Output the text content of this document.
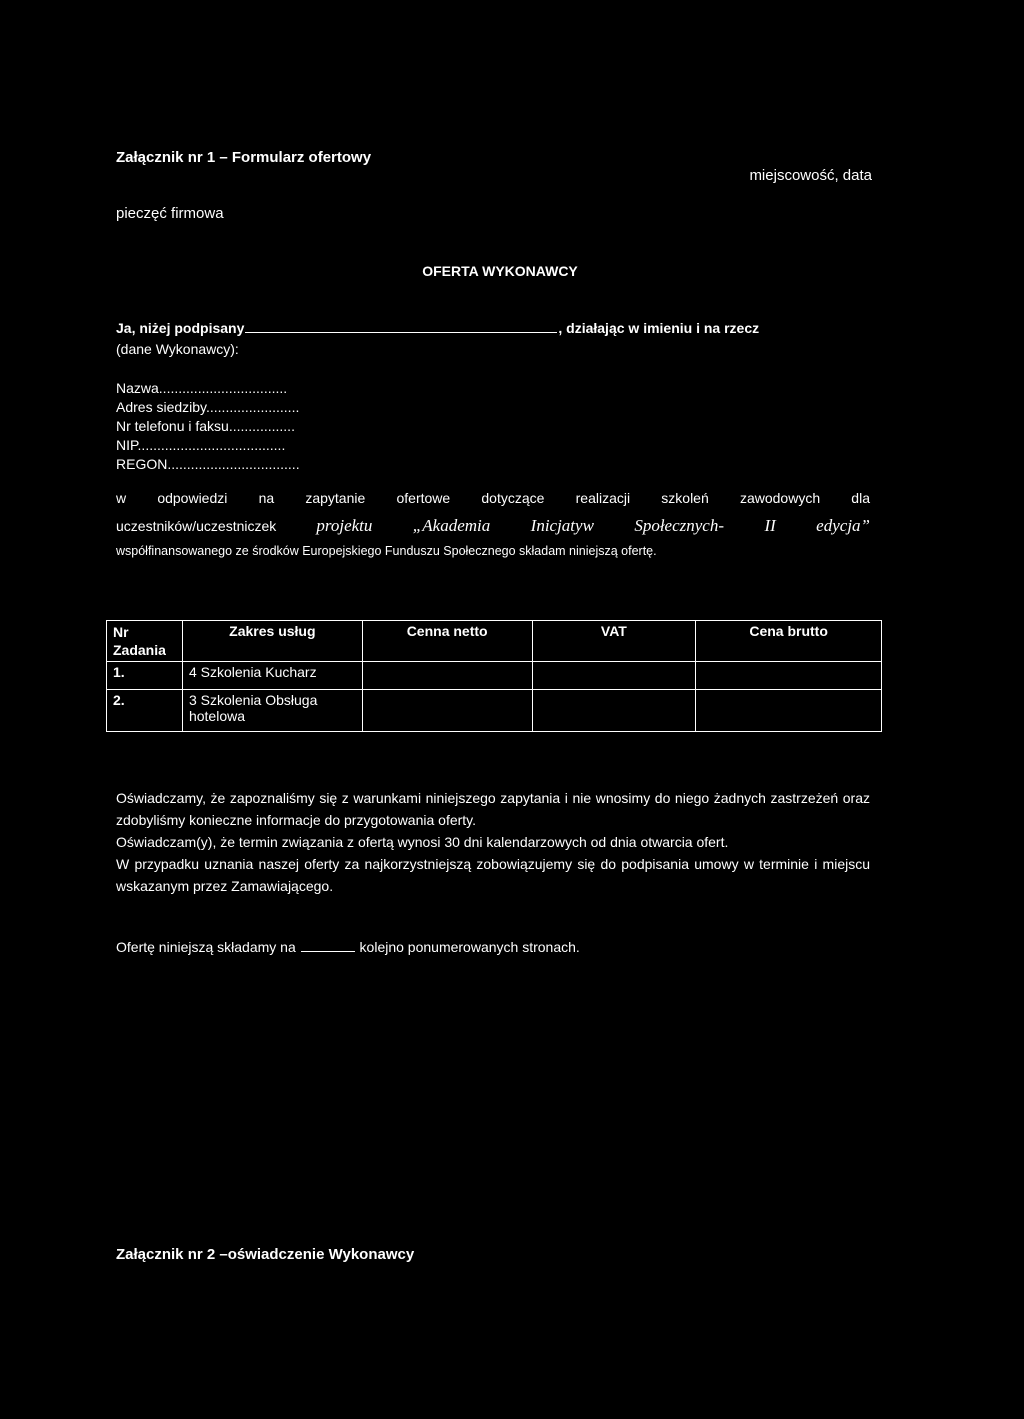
Załącznik nr 1 – Formularz ofertowy
miejscowość, data
pieczęć firmowa
OFERTA WYKONAWCY
Ja, niżej podpisany	, działając w imieniu i na rzecz
(dane Wykonawcy):
Nazwa.................................
Adres siedziby........................
Nr telefonu i faksu.................
NIP......................................
REGON..................................
w odpowiedzi na zapytanie ofertowe dotyczące realizacji szkoleń zawodowych dla
uczestników/uczestniczek projektu „Akademia Inicjatyw Społecznych- II edycja”
współfinansowanego ze środków Europejskiego Funduszu Społecznego składam niniejszą ofertę.
Nr Zadania	Zakres usług	Cenna netto	VAT	Cena brutto
1.	4 Szkolenia Kucharz			
2.	3 Szkolenia Obsługa hotelowa			
Oświadczamy, że zapoznaliśmy się z warunkami niniejszego zapytania i nie wnosimy do niego żadnych zastrzeżeń oraz zdobyliśmy konieczne informacje do przygotowania oferty.
Oświadczam(y), że termin związania z ofertą wynosi 30 dni kalendarzowych od dnia otwarcia ofert.
W przypadku uznania naszej oferty za najkorzystniejszą zobowiązujemy się do podpisania umowy w terminie i miejscu wskazanym przez Zamawiającego.
Ofertę niniejszą składamy na	kolejno ponumerowanych stronach.
Załącznik nr 2 –oświadczenie Wykonawcy
